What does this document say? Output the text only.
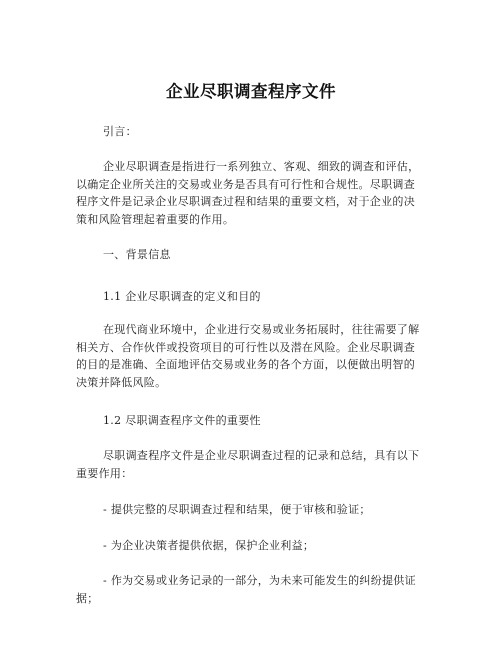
企业尽职调查程序文件
引言：
企业尽职调查是指进行一系列独立、客观、细致的调查和评估，
以确定企业所关注的交易或业务是否具有可行性和合规性。尽职调查
程序文件是记录企业尽职调查过程和结果的重要文档，对于企业的决
策和风险管理起着重要的作用。
一、背景信息
1.1 企业尽职调查的定义和目的
在现代商业环境中，企业进行交易或业务拓展时，往往需要了解
相关方、合作伙伴或投资项目的可行性以及潜在风险。企业尽职调查
的目的是准确、全面地评估交易或业务的各个方面，以便做出明智的
决策并降低风险。
1.2 尽职调查程序文件的重要性
尽职调查程序文件是企业尽职调查过程的记录和总结，具有以下
重要作用：
- 提供完整的尽职调查过程和结果，便于审核和验证；
- 为企业决策者提供依据，保护企业利益；
- 作为交易或业务记录的一部分，为未来可能发生的纠纷提供证
据；
